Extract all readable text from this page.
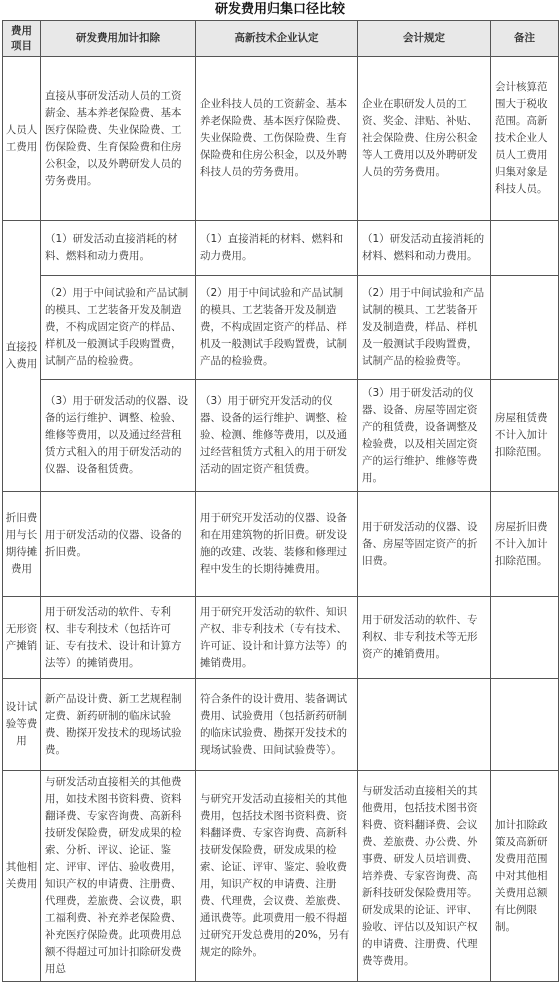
研发费用归集口径比较
费用项目	研发费用加计扣除	高新技术企业认定	会计规定	备注
人员人工费用	直接从事研发活动人员的工资薪金、基本养老保险费、基本医疗保险费、失业保险费、工伤保险费、生育保险费和住房公积金，以及外聘研发人员的劳务费用。	企业科技人员的工资薪金、基本养老保险费、基本医疗保险费、失业保险费、工伤保险费、生育保险费和住房公积金，以及外聘科技人员的劳务费用。	企业在职研发人员的工资、奖金、津贴、补贴、社会保险费、住房公积金等人工费用以及外聘研发人员的劳务费用。	会计核算范围大于税收范围。高新技术企业人员人工费用归集对象是科技人员。
直接投入费用	（1）研发活动直接消耗的材料、燃料和动力费用。	（1）直接消耗的材料、燃料和动力费用。	（1）研发活动直接消耗的材料、燃料和动力费用。	
	（2）用于中间试验和产品试制的模具、工艺装备开发及制造费，不构成固定资产的样品、样机及一般测试手段购置费，试制产品的检验费。	（2）用于中间试验和产品试制的模具、工艺装备开发及制造费，不构成固定资产的样品、样机及一般测试手段购置费，试制产品的检验费。	（2）用于中间试验和产品试制的模具、工艺装备开发及制造费，样品、样机及一般测试手段购置费，试制产品的检验费等。	
	（3）用于研发活动的仪器、设备的运行维护、调整、检验、维修等费用，以及通过经营租赁方式租入的用于研发活动的仪器、设备租赁费。	（3）用于研究开发活动的仪器、设备的运行维护、调整、检验、检测、维修等费用，以及通过经营租赁方式租入的用于研发活动的固定资产租赁费。	（3）用于研发活动的仪器、设备、房屋等固定资产的租赁费，设备调整及检验费，以及相关固定资产的运行维护、维修等费用。	房屋租赁费不计入加计扣除范围。
折旧费用与长期待摊费用	用于研发活动的仪器、设备的折旧费。	用于研究开发活动的仪器、设备和在用建筑物的折旧费。研发设施的改建、改装、装修和修理过程中发生的长期待摊费用。	用于研发活动的仪器、设备、房屋等固定资产的折旧费。	房屋折旧费不计入加计扣除范围。
无形资产摊销	用于研发活动的软件、专利权、非专利技术（包括许可证、专有技术、设计和计算方法等）的摊销费用。	用于研究开发活动的软件、知识产权、非专利技术（专有技术、许可证、设计和计算方法等）的摊销费用。	用于研发活动的软件、专利权、非专利技术等无形资产的摊销费用。	
设计试验等费用	新产品设计费、新工艺规程制定费、新药研制的临床试验费、勘探开发技术的现场试验费。	符合条件的设计费用、装备调试费用、试验费用（包括新药研制的临床试验费、勘探开发技术的现场试验费、田间试验费等）。		
其他相关费用	与研发活动直接相关的其他费用，如技术图书资料费、资料翻译费、专家咨询费、高新科技研发保险费，研发成果的检索、分析、评议、论证、鉴定、评审、评估、验收费用，知识产权的申请费、注册费、代理费，差旅费、会议费，职工福利费、补充养老保险费、补充医疗保险费。此项费用总额不得超过可加计扣除研发费用总	与研究开发活动直接相关的其他费用，包括技术图书资料费、资料翻译费、专家咨询费、高新科技研发保险费，研发成果的检索、论证、评审、鉴定、验收费用，知识产权的申请费、注册费、代理费，会议费、差旅费、通讯费等。此项费用一般不得超过研究开发总费用的20%，另有规定的除外。	与研发活动直接相关的其他费用，包括技术图书资料费、资料翻译费、会议费、差旅费、办公费、外事费、研发人员培训费、培养费、专家咨询费、高新科技研发保险费用等。研发成果的论证、评审、验收、评估以及知识产权的申请费、注册费、代理费等费用。	加计扣除政策及高新研发费用范围中对其他相关费用总额有比例限制。
